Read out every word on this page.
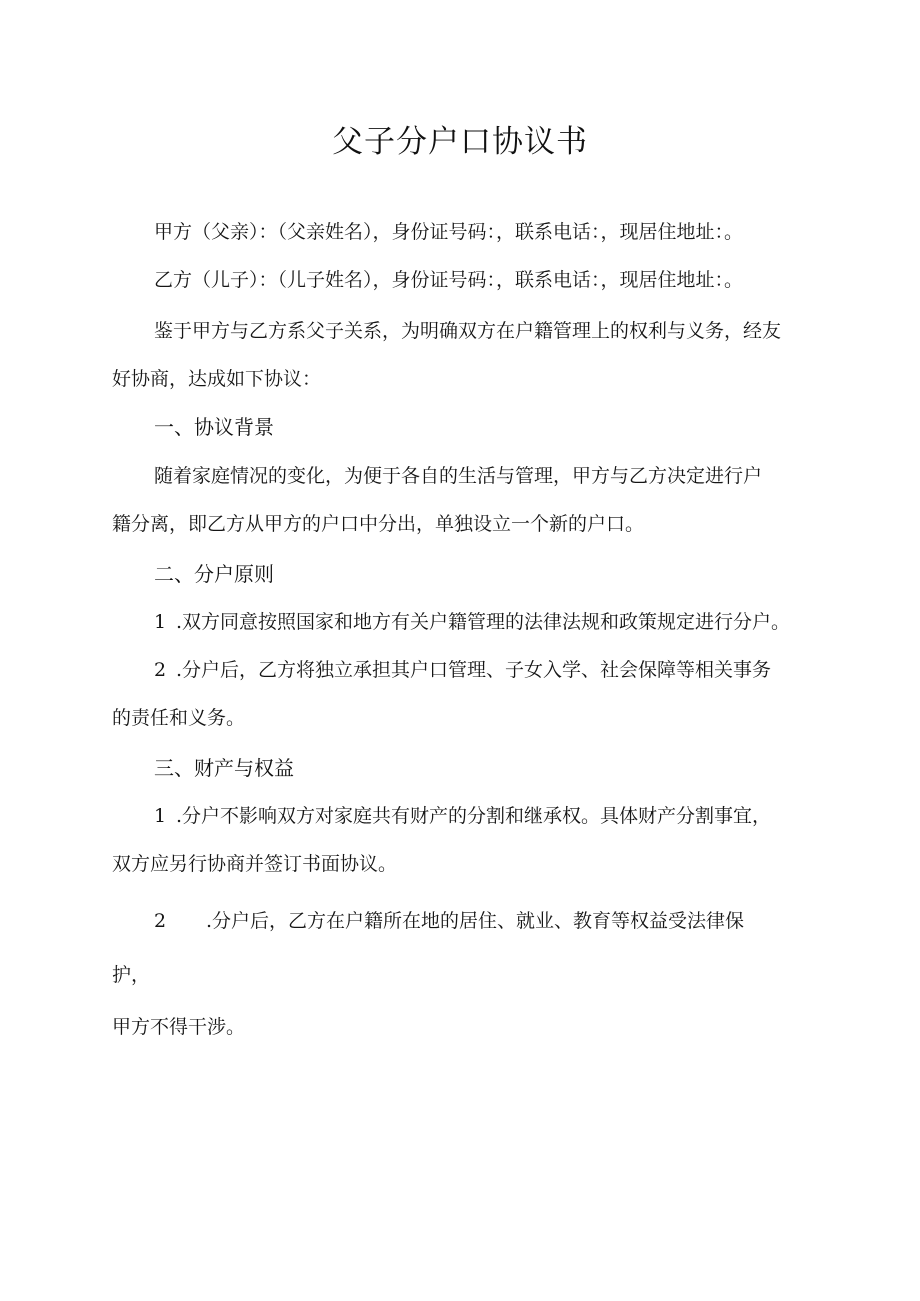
父子分户口协议书
甲方（父亲）：（父亲姓名），身份证号码：，联系电话：，现居住地址：。
乙方（儿子）：（儿子姓名），身份证号码：，联系电话：，现居住地址：。
鉴于甲方与乙方系父子关系，为明确双方在户籍管理上的权利与义务，经友
好协商，达成如下协议：
一、协议背景
随着家庭情况的变化，为便于各自的生活与管理，甲方与乙方决定进行户
籍分离，即乙方从甲方的户口中分出，单独设立一个新的户口。
二、分户原则
1 .双方同意按照国家和地方有关户籍管理的法律法规和政策规定进行分户。
2 .分户后，乙方将独立承担其户口管理、子女入学、社会保障等相关事务
的责任和义务。
三、财产与权益
1 .分户不影响双方对家庭共有财产的分割和继承权。具体财产分割事宜，
双方应另行协商并签订书面协议。
2 .分户后，乙方在户籍所在地的居住、就业、教育等权益受法律保
护，
甲方不得干涉。
